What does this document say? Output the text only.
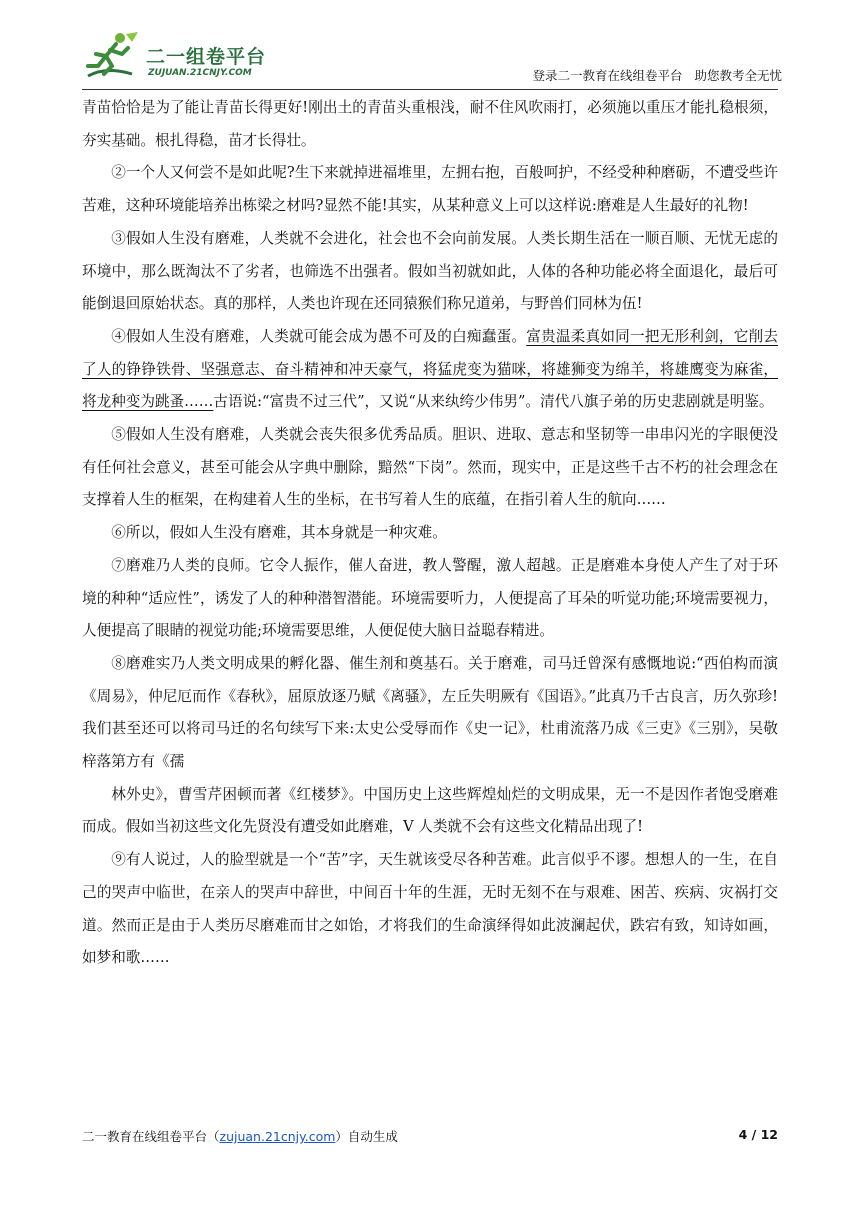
二一组卷平台
ZUJUAN.21CNJY.COM	登录二一教育在线组卷平台 助您教考全无忧

青苗恰恰是为了能让青苗长得更好!刚出土的青苗头重根浅，耐不住风吹雨打，必须施以重压才能扎稳根须，夯实基础。根扎得稳，苗才长得壮。

②一个人又何尝不是如此呢?生下来就掉进福堆里，左拥右抱，百般呵护，不经受种种磨砺，不遭受些许苦难，这种环境能培养出栋梁之材吗?显然不能!其实，从某种意义上可以这样说:磨难是人生最好的礼物!

③假如人生没有磨难，人类就不会进化，社会也不会向前发展。人类长期生活在一顺百顺、无忧无虑的环境中，那么既淘汰不了劣者，也筛选不出强者。假如当初就如此，人体的各种功能必将全面退化，最后可能倒退回原始状态。真的那样，人类也许现在还同猿猴们称兄道弟，与野兽们同林为伍!

④假如人生没有磨难，人类就可能会成为愚不可及的白痴蠢蛋。富贵温柔真如同一把无形利剑，它削去了人的铮铮铁骨、坚强意志、奋斗精神和冲天豪气，将猛虎变为猫咪，将雄狮变为绵羊，将雄鹰变为麻雀，将龙种变为跳蚤……古语说:“富贵不过三代”，又说“从来纨绔少伟男”。清代八旗子弟的历史悲剧就是明鉴。

⑤假如人生没有磨难，人类就会丧失很多优秀品质。胆识、进取、意志和坚韧等一串串闪光的字眼便没有任何社会意义，甚至可能会从字典中删除，黯然“下岗”。然而，现实中，正是这些千古不朽的社会理念在支撑着人生的框架，在构建着人生的坐标，在书写着人生的底蕴，在指引着人生的航向……

⑥所以，假如人生没有磨难，其本身就是一种灾难。

⑦磨难乃人类的良师。它令人振作，催人奋进，教人警醒，激人超越。正是磨难本身使人产生了对于环境的种种“适应性”，诱发了人的种种潜智潜能。环境需要听力，人便提高了耳朵的听觉功能;环境需要视力，人便提高了眼睛的视觉功能;环境需要思维，人便促使大脑日益聪春精进。

⑧磨难实乃人类文明成果的孵化器、催生剂和奠基石。关于磨难，司马迁曾深有感慨地说:“西伯构而演《周易》，仲尼厄而作《春秋》，屈原放逐乃赋《离骚》，左丘失明厥有《国语》。”此真乃千古良言，历久弥珍!我们甚至还可以将司马迁的名句续写下来:太史公受辱而作《史一记》，杜甫流落乃成《三吏》《三别》，吴敬梓落第方有《孺

林外史》，曹雪芹困顿而著《红楼梦》。中国历史上这些辉煌灿烂的文明成果，无一不是因作者饱受磨难而成。假如当初这些文化先贤没有遭受如此磨难，V 人类就不会有这些文化精品出现了!

⑨有人说过，人的脸型就是一个“苦”字，天生就该受尽各种苦难。此言似乎不谬。想想人的一生，在自己的哭声中临世，在亲人的哭声中辞世，中间百十年的生涯，无时无刻不在与艰难、困苦、疾病、灾祸打交道。然而正是由于人类历尽磨难而甘之如饴，才将我们的生命演绎得如此波澜起伏，跌宕有致，知诗如画，如梦和歌……

二一教育在线组卷平台（zujuan.21cnjy.com）自动生成	4 / 12
